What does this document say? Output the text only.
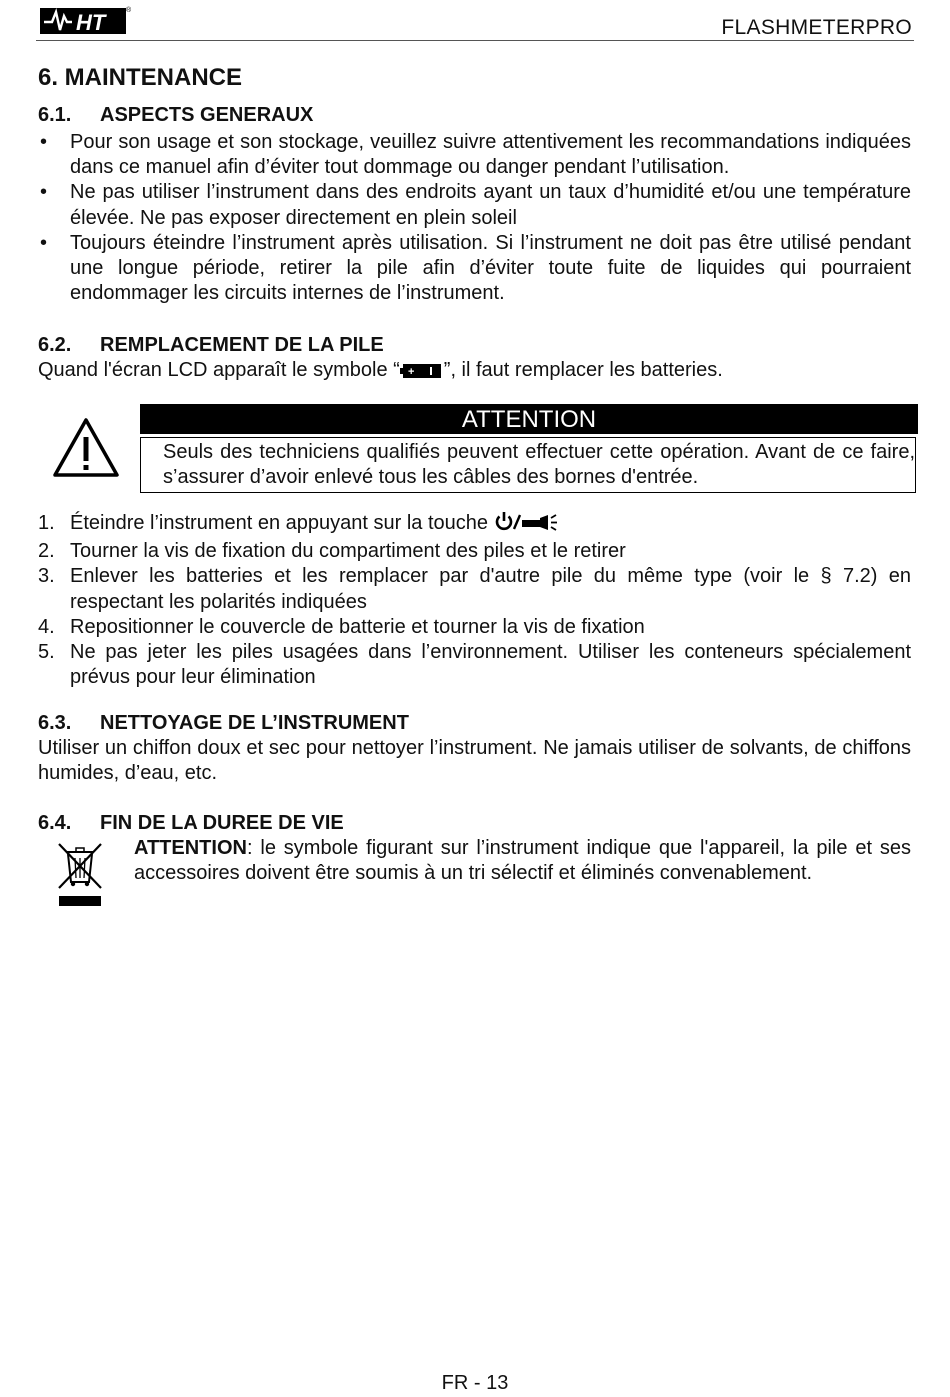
HT	®
FLASHMETERPRO
6. MAINTENANCE
6.1. ASPECTS GENERAUX
• Pour son usage et son stockage, veuillez suivre attentivement les recommandations indiquées dans ce manuel afin d’éviter tout dommage ou danger pendant l’utilisation.
• Ne pas utiliser l’instrument dans des endroits ayant un taux d’humidité et/ou une température élevée. Ne pas exposer directement en plein soleil
• Toujours éteindre l’instrument après utilisation. Si l’instrument ne doit pas être utilisé pendant une longue période, retirer la pile afin d’éviter toute fuite de liquides qui pourraient endommager les circuits internes de l’instrument.
6.2. REMPLACEMENT DE LA PILE
Quand l'écran LCD apparaît le symbole “ + ”, il faut remplacer les batteries.
ATTENTION
Seuls des techniciens qualifiés peuvent effectuer cette opération. Avant de ce faire, s’assurer d’avoir enlevé tous les câbles des bornes d'entrée.
1. Éteindre l’instrument en appuyant sur la touche
2. Tourner la vis de fixation du compartiment des piles et le retirer
3. Enlever les batteries et les remplacer par d'autre pile du même type (voir le § 7.2) en respectant les polarités indiquées
4. Repositionner le couvercle de batterie et tourner la vis de fixation
5. Ne pas jeter les piles usagées dans l’environnement. Utiliser les conteneurs spécialement prévus pour leur élimination
6.3. NETTOYAGE DE L’INSTRUMENT
Utiliser un chiffon doux et sec pour nettoyer l’instrument. Ne jamais utiliser de solvants, de chiffons humides, d’eau, etc.
6.4. FIN DE LA DUREE DE VIE
ATTENTION: le symbole figurant sur l’instrument indique que l'appareil, la pile et ses accessoires doivent être soumis à un tri sélectif et éliminés convenablement.
FR - 13
